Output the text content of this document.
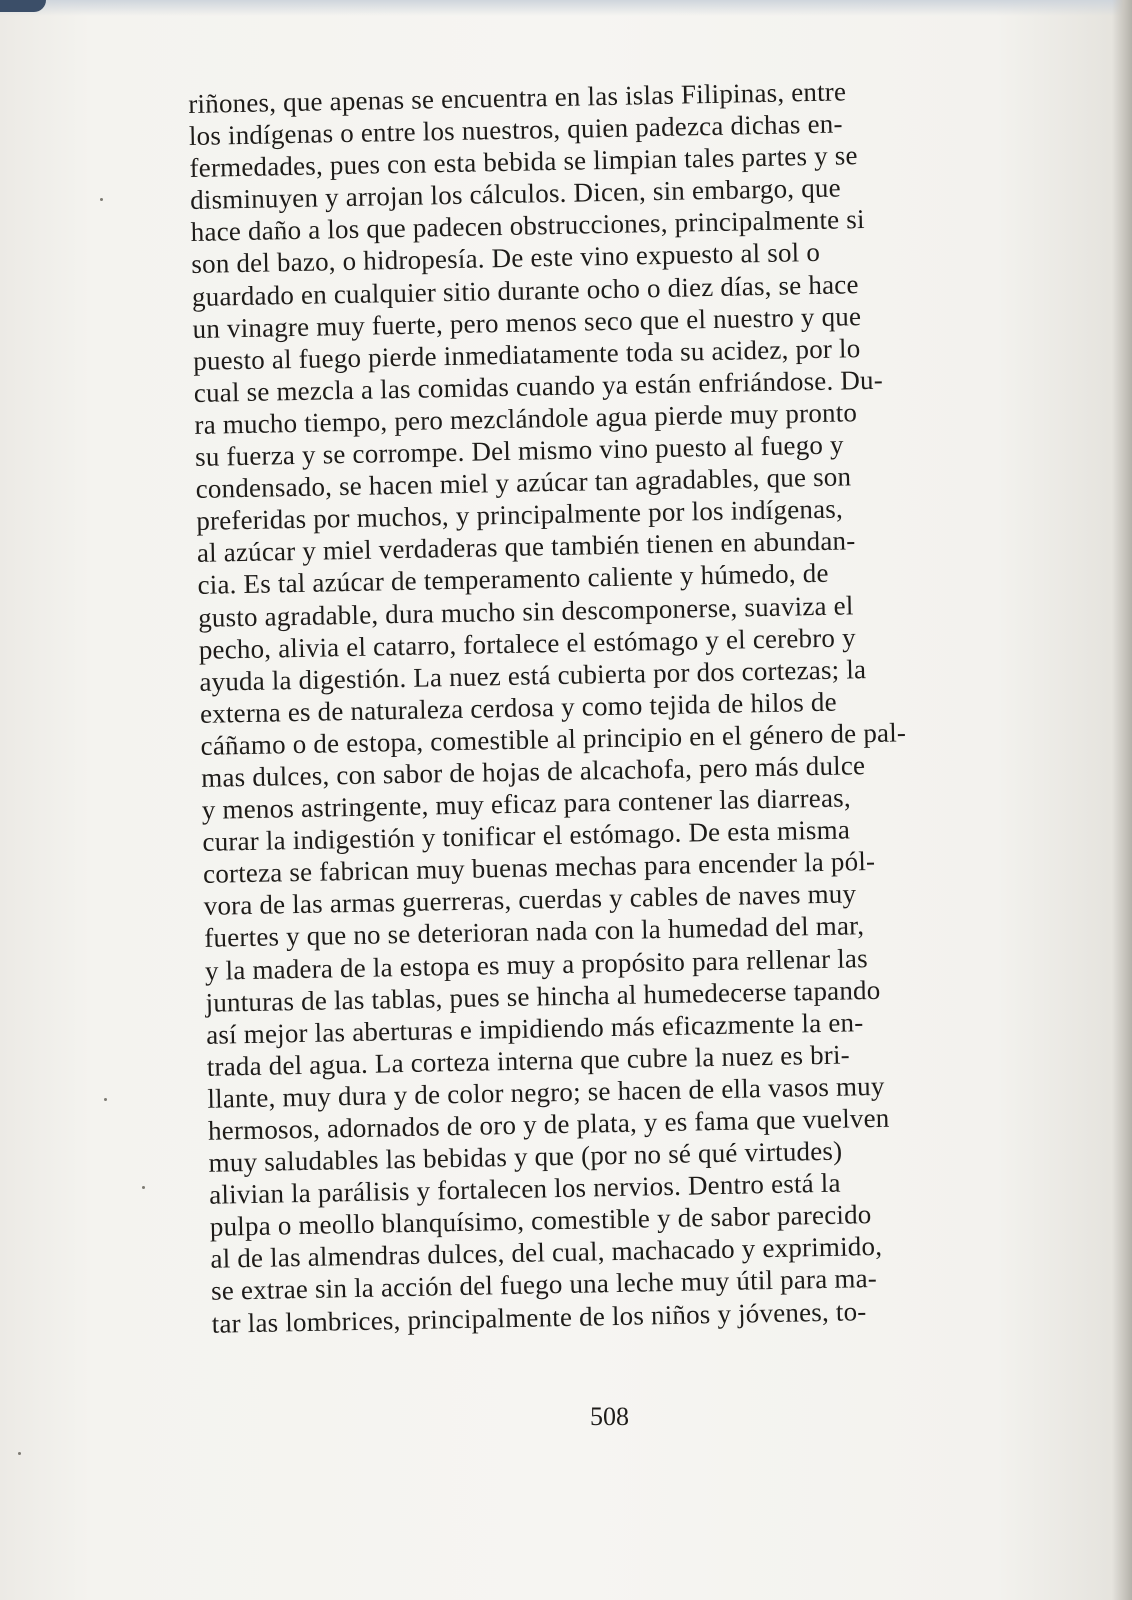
riñones, que apenas se encuentra en las islas Filipinas, entre
los indígenas o entre los nuestros, quien padezca dichas en-
fermedades, pues con esta bebida se limpian tales partes y se
disminuyen y arrojan los cálculos. Dicen, sin embargo, que
hace daño a los que padecen obstrucciones, principalmente si
son del bazo, o hidropesía. De este vino expuesto al sol o
guardado en cualquier sitio durante ocho o diez días, se hace
un vinagre muy fuerte, pero menos seco que el nuestro y que
puesto al fuego pierde inmediatamente toda su acidez, por lo
cual se mezcla a las comidas cuando ya están enfriándose. Du-
ra mucho tiempo, pero mezclándole agua pierde muy pronto
su fuerza y se corrompe. Del mismo vino puesto al fuego y
condensado, se hacen miel y azúcar tan agradables, que son
preferidas por muchos, y principalmente por los indígenas,
al azúcar y miel verdaderas que también tienen en abundan-
cia. Es tal azúcar de temperamento caliente y húmedo, de
gusto agradable, dura mucho sin descomponerse, suaviza el
pecho, alivia el catarro, fortalece el estómago y el cerebro y
ayuda la digestión. La nuez está cubierta por dos cortezas; la
externa es de naturaleza cerdosa y como tejida de hilos de
cáñamo o de estopa, comestible al principio en el género de pal-
mas dulces, con sabor de hojas de alcachofa, pero más dulce
y menos astringente, muy eficaz para contener las diarreas,
curar la indigestión y tonificar el estómago. De esta misma
corteza se fabrican muy buenas mechas para encender la pól-
vora de las armas guerreras, cuerdas y cables de naves muy
fuertes y que no se deterioran nada con la humedad del mar,
y la madera de la estopa es muy a propósito para rellenar las
junturas de las tablas, pues se hincha al humedecerse tapando
así mejor las aberturas e impidiendo más eficazmente la en-
trada del agua. La corteza interna que cubre la nuez es bri-
llante, muy dura y de color negro; se hacen de ella vasos muy
hermosos, adornados de oro y de plata, y es fama que vuelven
muy saludables las bebidas y que (por no sé qué virtudes)
alivian la parálisis y fortalecen los nervios. Dentro está la
pulpa o meollo blanquísimo, comestible y de sabor parecido
al de las almendras dulces, del cual, machacado y exprimido,
se extrae sin la acción del fuego una leche muy útil para ma-
tar las lombrices, principalmente de los niños y jóvenes, to-
508
